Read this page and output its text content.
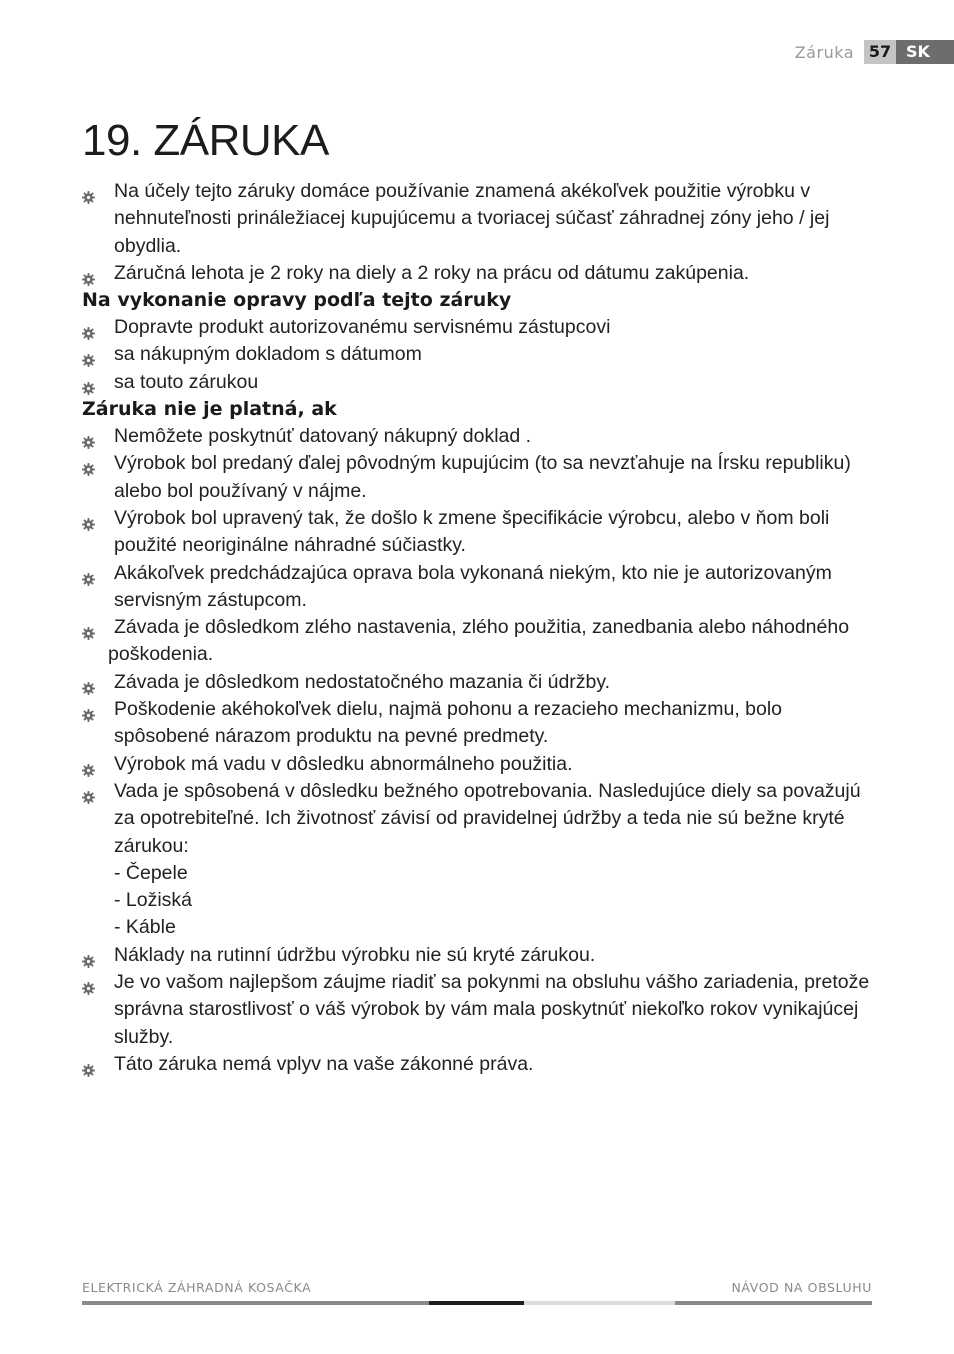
Záruka 57 SK
19. ZÁRUKA
Na účely tejto záruky domáce používanie znamená akékoľvek použitie výrobku v nehnuteľnosti prináležiacej kupujúcemu a tvoriacej súčasť záhradnej zóny jeho / jej obydlia.
Záručná lehota je 2 roky na diely a 2 roky na prácu od dátumu zakúpenia.
Na vykonanie opravy podľa tejto záruky
Dopravte produkt autorizovanému servisnému zástupcovi
sa nákupným dokladom s dátumom
sa touto zárukou
Záruka nie je platná, ak
Nemôžete poskytnúť datovaný nákupný doklad .
Výrobok bol predaný ďalej pôvodným kupujúcim (to sa nevzťahuje na Írsku republiku) alebo bol používaný v nájme.
Výrobok bol upravený tak, že došlo k zmene špecifikácie výrobcu, alebo v ňom boli použité neoriginálne náhradné súčiastky.
Akákoľvek predchádzajúca oprava bola vykonaná niekým, kto nie je autorizovaným servisným zástupcom.
Závada je dôsledkom zlého nastavenia, zlého použitia, zanedbania alebo náhodného
poškodenia.
Závada je dôsledkom nedostatočného mazania či údržby.
Poškodenie akéhokoľvek dielu, najmä pohonu a rezacieho mechanizmu, bolo spôsobené nárazom produktu na pevné predmety.
Výrobok má vadu v dôsledku abnormálneho použitia.
Vada je spôsobená v dôsledku bežného opotrebovania. Nasledujúce diely sa považujú za opotrebiteľné. Ich životnosť závisí od pravidelnej údržby a teda nie sú bežne kryté zárukou:
- Čepele
- Ložiská
- Káble
Náklady na rutinní údržbu výrobku nie sú kryté zárukou.
Je vo vašom najlepšom záujme riadiť sa pokynmi na obsluhu vášho zariadenia, pretože správna starostlivosť o váš výrobok by vám mala poskytnúť niekoľko rokov vynikajúcej služby.
Táto záruka nemá vplyv na vaše zákonné práva.
ELEKTRICKÁ ZÁHRADNÁ KOSAČKA	NÁVOD NA OBSLUHU
